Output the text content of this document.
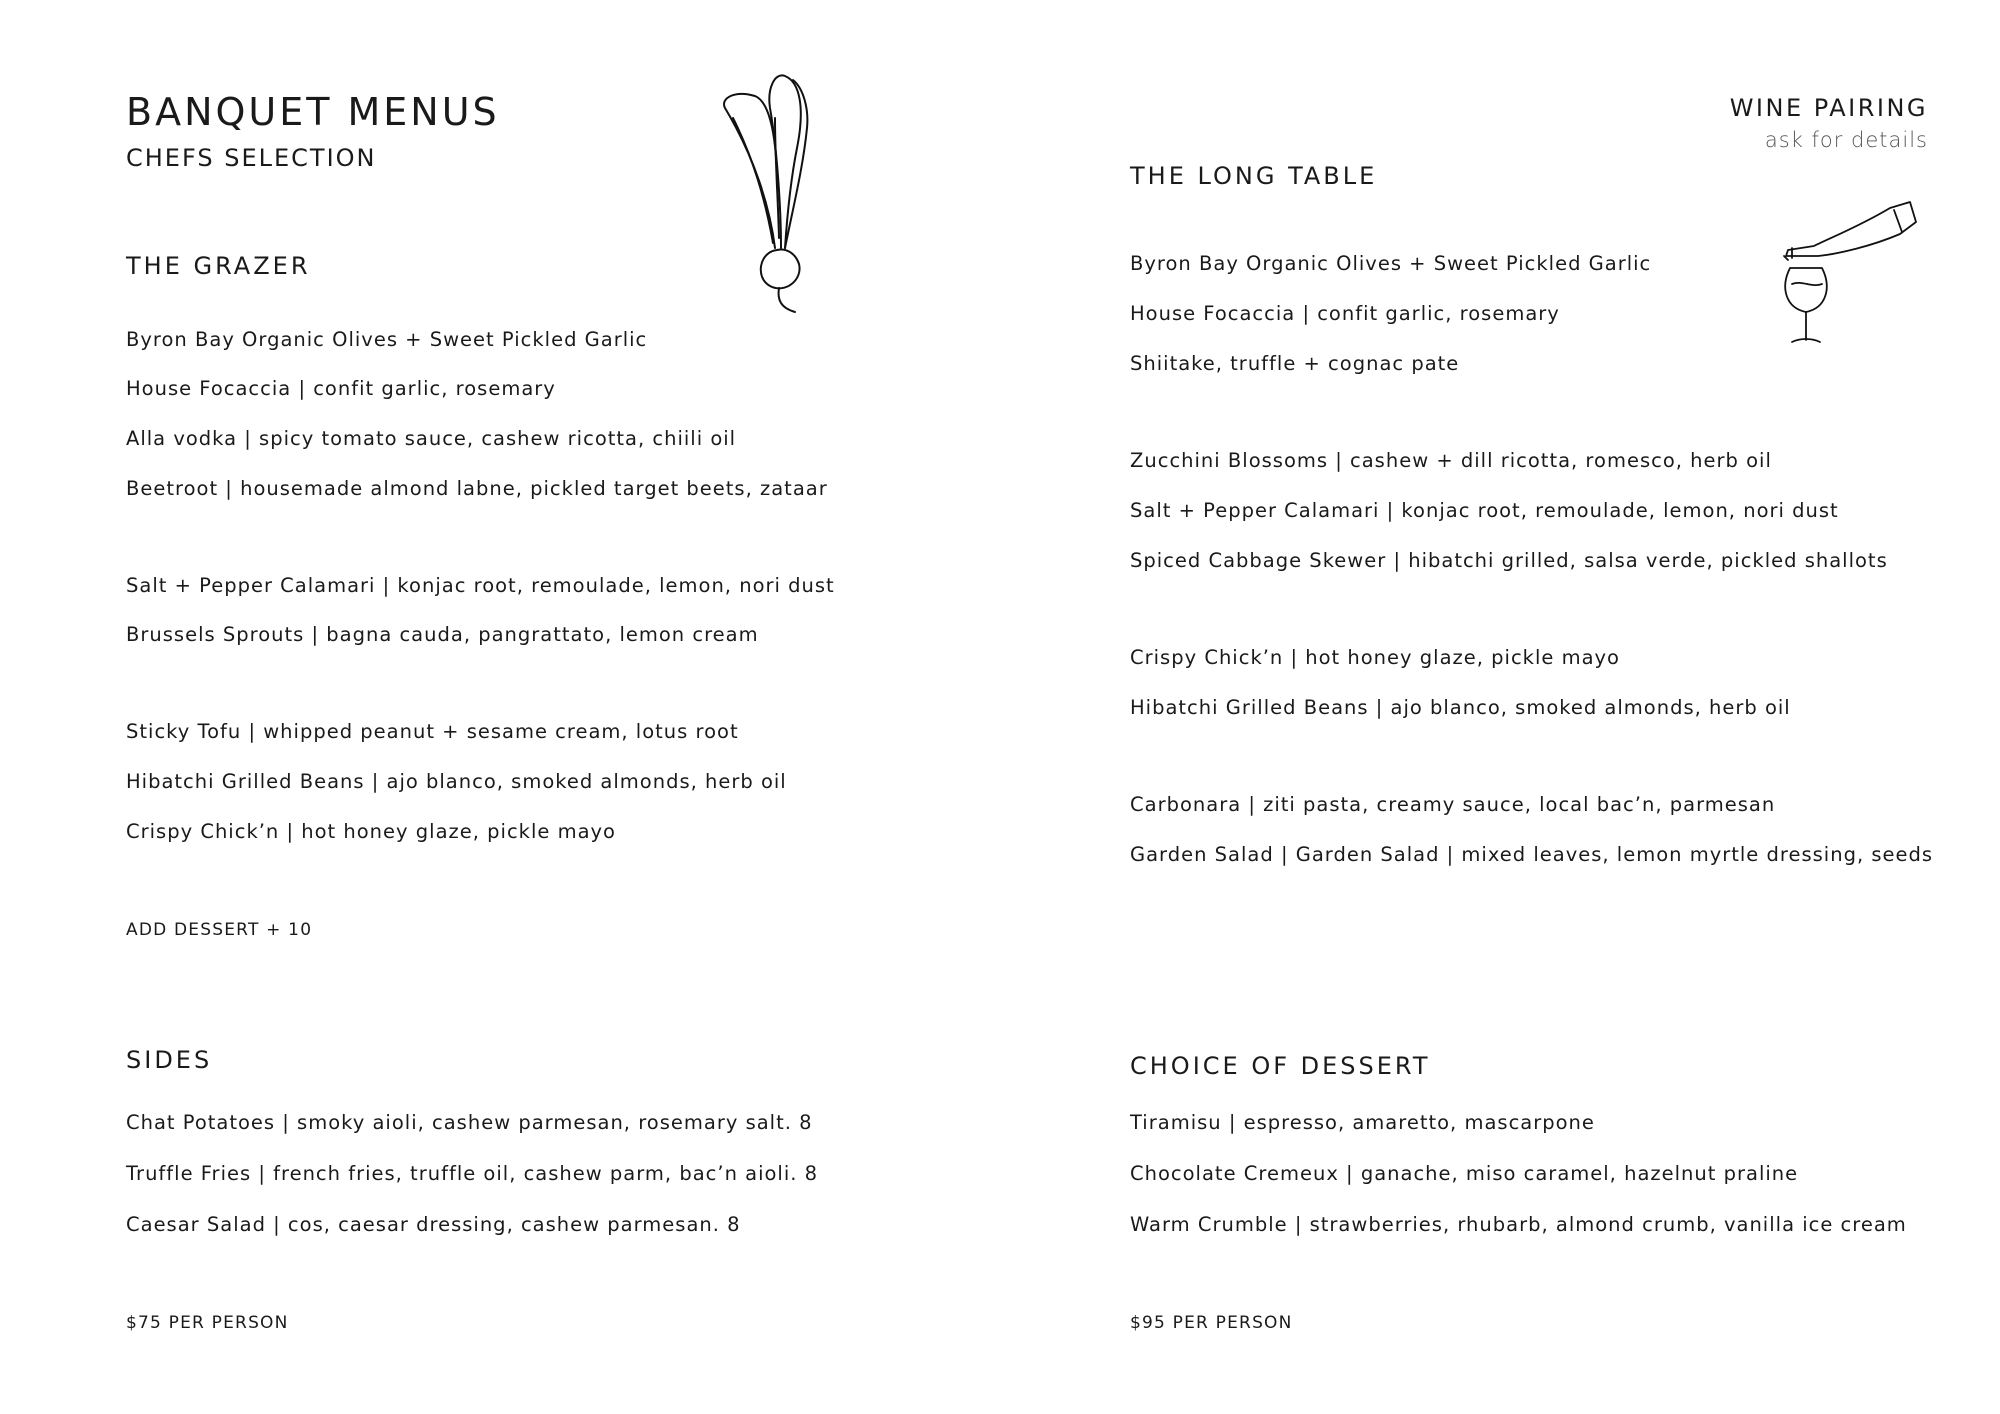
BANQUET MENUS
CHEFS SELECTION
WINE PAIRING
ask for details
THE GRAZER
Byron Bay Organic Olives + Sweet Pickled Garlic
House Focaccia | confit garlic, rosemary
Alla vodka | spicy tomato sauce, cashew ricotta, chiili oil
Beetroot | housemade almond labne, pickled target beets, zataar
Salt + Pepper Calamari | konjac root, remoulade, lemon, nori dust
Brussels Sprouts | bagna cauda, pangrattato, lemon cream
Sticky Tofu | whipped peanut + sesame cream, lotus root
Hibatchi Grilled Beans | ajo blanco, smoked almonds, herb oil
Crispy Chick’n | hot honey glaze, pickle mayo
ADD DESSERT + 10
THE LONG TABLE
Byron Bay Organic Olives + Sweet Pickled Garlic
House Focaccia | confit garlic, rosemary
Shiitake, truffle + cognac pate
Zucchini Blossoms | cashew + dill ricotta, romesco, herb oil
Salt + Pepper Calamari | konjac root, remoulade, lemon, nori dust
Spiced Cabbage Skewer | hibatchi grilled, salsa verde, pickled shallots
Crispy Chick’n | hot honey glaze, pickle mayo
Hibatchi Grilled Beans | ajo blanco, smoked almonds, herb oil
Carbonara | ziti pasta, creamy sauce, local bac’n, parmesan
Garden Salad | Garden Salad | mixed leaves, lemon myrtle dressing, seeds
SIDES
Chat Potatoes | smoky aioli, cashew parmesan, rosemary salt. 8
Truffle Fries | french fries, truffle oil, cashew parm, bac’n aioli. 8
Caesar Salad | cos, caesar dressing, cashew parmesan. 8
$75 PER PERSON
CHOICE OF DESSERT
Tiramisu | espresso, amaretto, mascarpone
Chocolate Cremeux | ganache, miso caramel, hazelnut praline
Warm Crumble | strawberries, rhubarb, almond crumb, vanilla ice cream
$95 PER PERSON
